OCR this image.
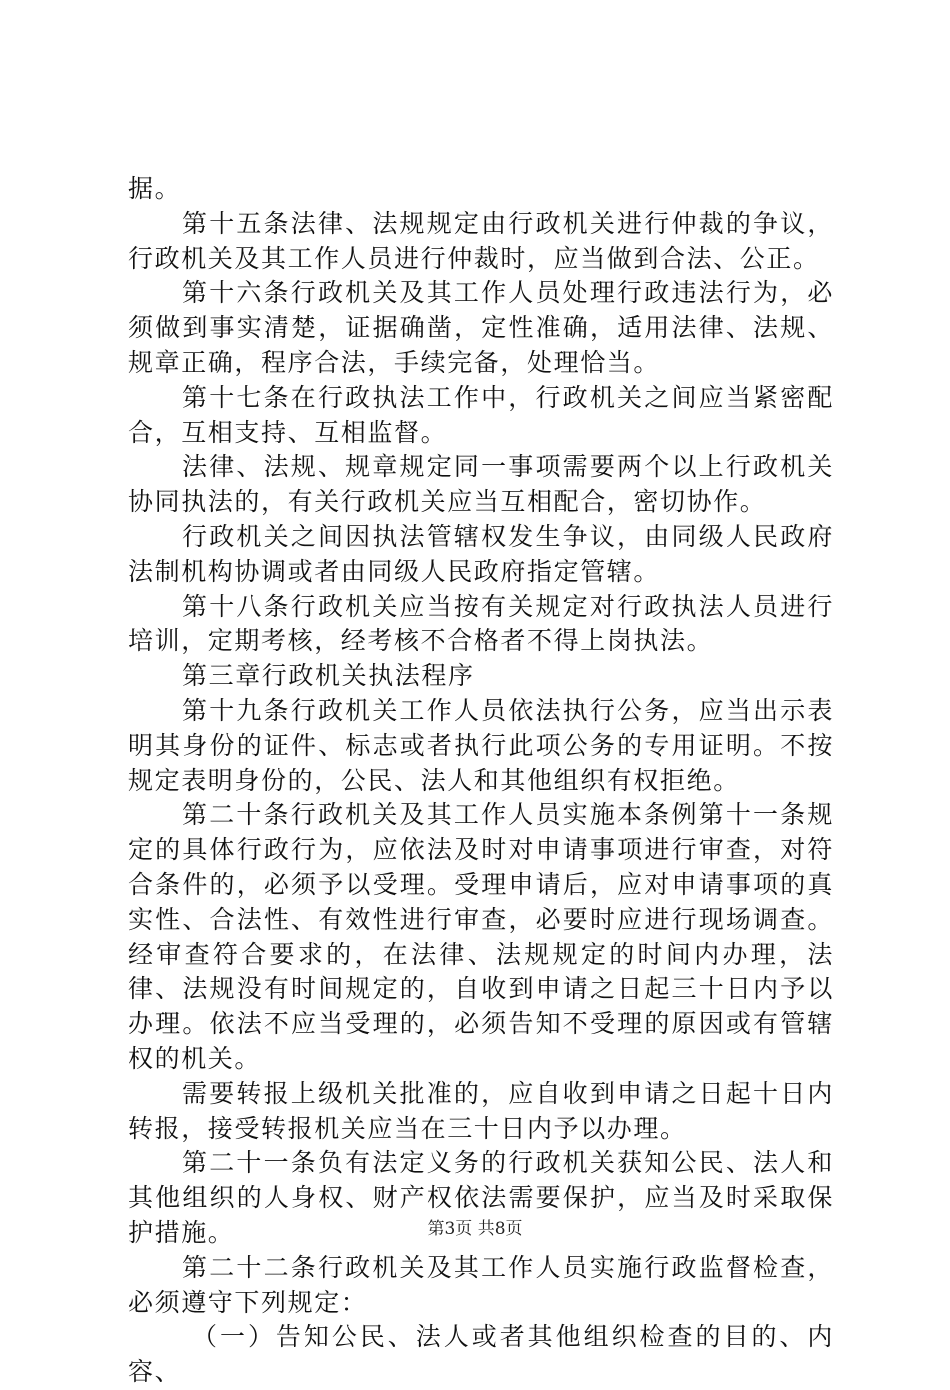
据。

第十五条法律、法规规定由行政机关进行仲裁的争议，行政机关及其工作人员进行仲裁时，应当做到合法、公正。

第十六条行政机关及其工作人员处理行政违法行为，必须做到事实清楚，证据确凿，定性准确，适用法律、法规、规章正确，程序合法，手续完备，处理恰当。

第十七条在行政执法工作中，行政机关之间应当紧密配合，互相支持、互相监督。

法律、法规、规章规定同一事项需要两个以上行政机关协同执法的，有关行政机关应当互相配合，密切协作。

行政机关之间因执法管辖权发生争议，由同级人民政府法制机构协调或者由同级人民政府指定管辖。

第十八条行政机关应当按有关规定对行政执法人员进行培训，定期考核，经考核不合格者不得上岗执法。

第三章行政机关执法程序

第十九条行政机关工作人员依法执行公务，应当出示表明其身份的证件、标志或者执行此项公务的专用证明。不按规定表明身份的，公民、法人和其他组织有权拒绝。

第二十条行政机关及其工作人员实施本条例第十一条规定的具体行政行为，应依法及时对申请事项进行审查，对符合条件的，必须予以受理。受理申请后，应对申请事项的真实性、合法性、有效性进行审查，必要时应进行现场调查。经审查符合要求的，在法律、法规规定的时间内办理，法律、法规没有时间规定的，自收到申请之日起三十日内予以办理。依法不应当受理的，必须告知不受理的原因或有管辖权的机关。

需要转报上级机关批准的，应自收到申请之日起十日内转报，接受转报机关应当在三十日内予以办理。

第二十一条负有法定义务的行政机关获知公民、法人和其他组织的人身权、财产权依法需要保护，应当及时采取保护措施。

第二十二条行政机关及其工作人员实施行政监督检查，必须遵守下列规定：

（一）告知公民、法人或者其他组织检查的目的、内容、

第3页 共8页
